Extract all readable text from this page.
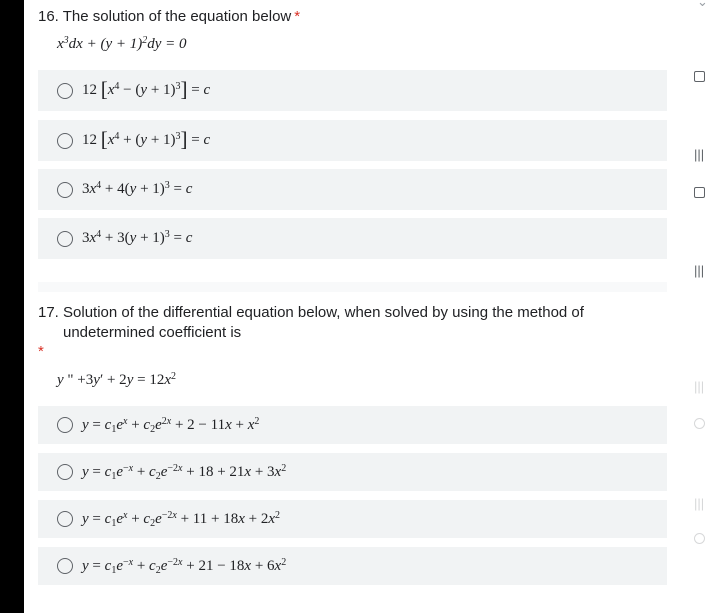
⌄
16. The solution of the equation below *
$x^3dx + (y + 1)^2dy = 0$
12 $[x^4 - (y + 1)^3] = c$
12 $[x^4 + (y + 1)^3] = c$
$3x^4 + 4(y + 1)^3 = c$
$3x^4 + 3(y + 1)^3 = c$
17. Solution of the differential equation below, when solved by using the method of
undetermined coefficient is
*
y " $+3y' + 2y = 12x^2$
$y = c_1e^x + c_2e^{2x} + 2 - 11x + x^2$
$y = c_1e^{-x} + c_2e^{-2x} + 18 + 21x + 3x^2$
$y = c_1e^x + c_2e^{-2x} + 11 + 18x + 2x^2$
$y = c_1e^{-x} + c_2e^{-2x} + 21 - 18x + 6x^2$
|||
|||
|||
|||
